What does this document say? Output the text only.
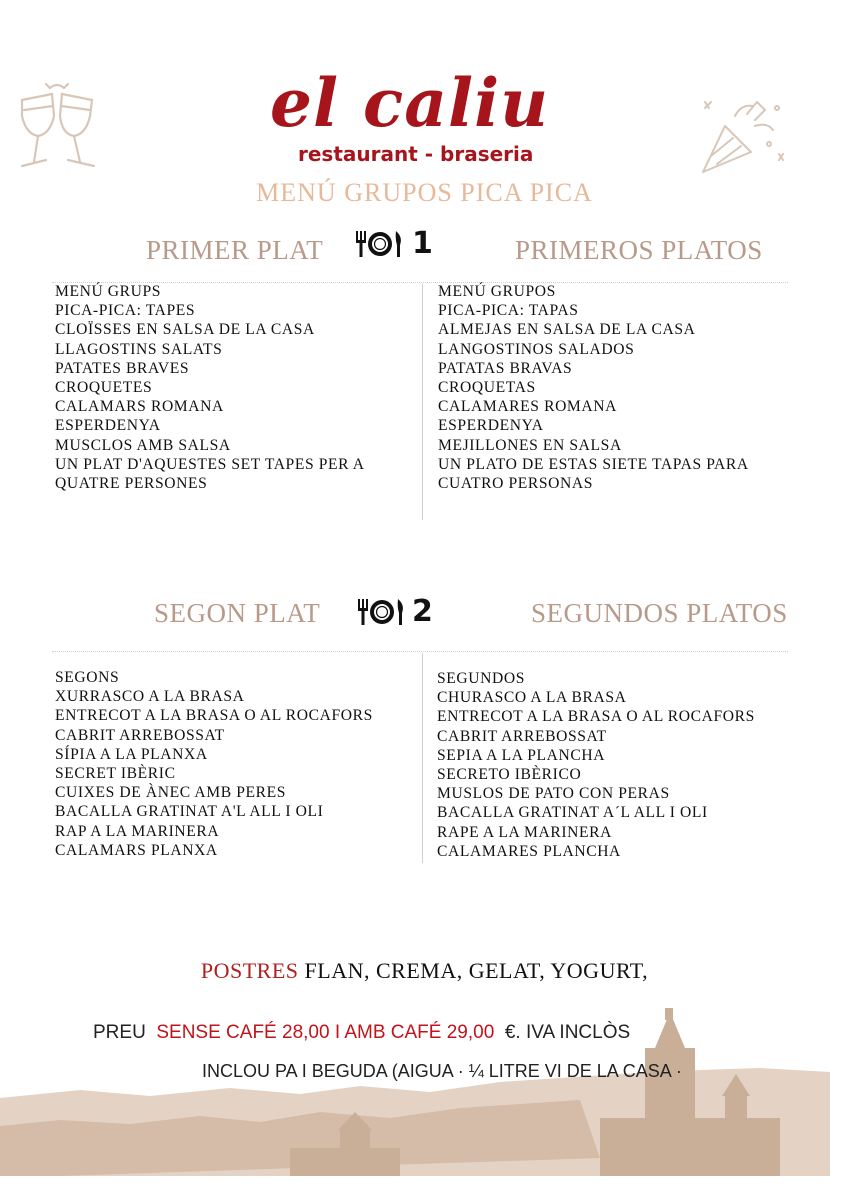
el caliu
restaurant - braseria
MENÚ GRUPOS PICA PICA
PRIMER PLAT	1	PRIMEROS PLATOS
MENÚ GRUPS
PICA-PICA: TAPES
CLOÏSSES EN SALSA DE LA CASA
LLAGOSTINS SALATS
PATATES BRAVES
CROQUETES
CALAMARS ROMANA
ESPERDENYA
MUSCLOS AMB SALSA
UN PLAT D'AQUESTES SET TAPES PER A
QUATRE PERSONES
MENÚ GRUPOS
PICA-PICA: TAPAS
ALMEJAS EN SALSA DE LA CASA
LANGOSTINOS SALADOS
PATATAS BRAVAS
CROQUETAS
CALAMARES ROMANA
ESPERDENYA
MEJILLONES EN SALSA
UN PLATO DE ESTAS SIETE TAPAS PARA
CUATRO PERSONAS
SEGON PLAT	2	SEGUNDOS PLATOS
SEGONS
XURRASCO A LA BRASA
ENTRECOT A LA BRASA O AL ROCAFORS
CABRIT ARREBOSSAT
SÍPIA A LA PLANXA
SECRET IBÈRIC
CUIXES DE ÀNEC AMB PERES
BACALLA GRATINAT A'L ALL I OLI
RAP A LA MARINERA
CALAMARS PLANXA
SEGUNDOS
CHURASCO A LA BRASA
ENTRECOT A LA BRASA O AL ROCAFORS
CABRIT ARREBOSSAT
SEPIA A LA PLANCHA
SECRETO IBÈRICO
MUSLOS DE PATO CON PERAS
BACALLA GRATINAT A´L ALL I OLI
RAPE A LA MARINERA
CALAMARES PLANCHA
POSTRES FLAN, CREMA, GELAT, YOGURT,
PREU SENSE CAFÉ 28,00 I AMB CAFÉ 29,00 €. IVA INCLÒS
INCLOU PA I BEGUDA (AIGUA · ¼ LITRE VI DE LA CASA ·
